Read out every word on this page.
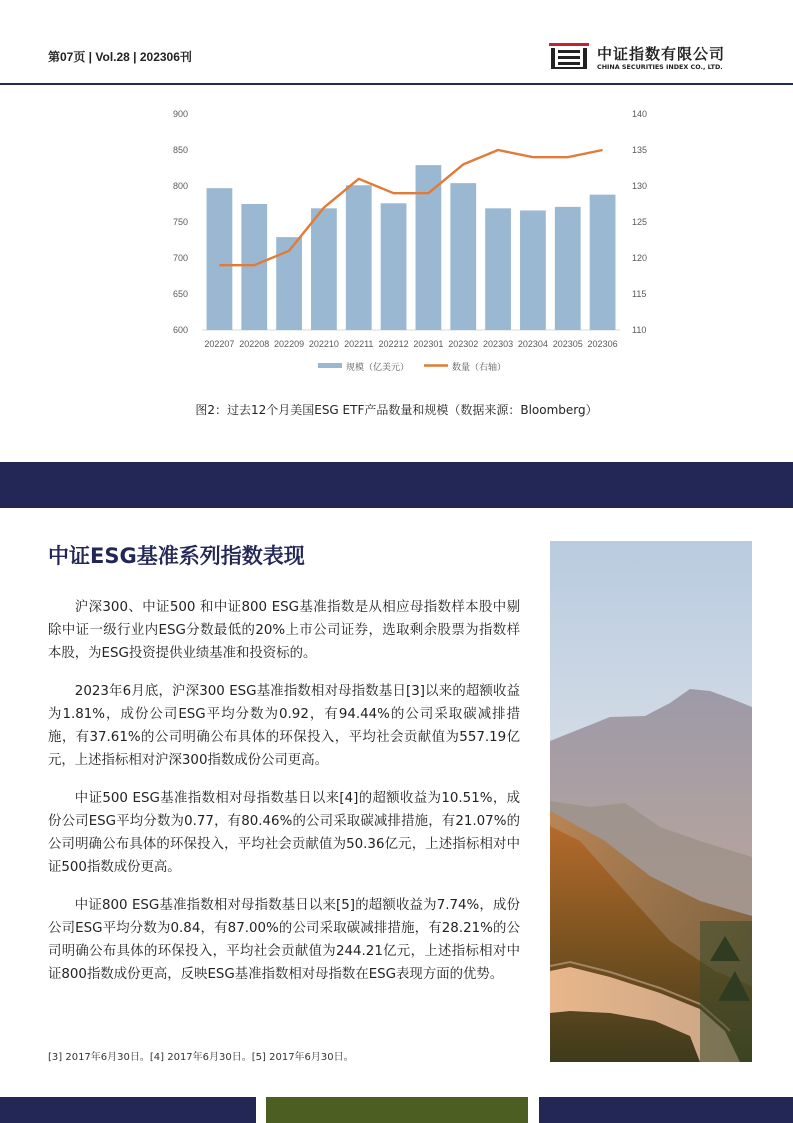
第07页 | Vol.28 | 202306刊	中证指数有限公司
CHINA SECURITIES INDEX CO., LTD.
600
650
700
750
800
850
900
110
115
120
125
130
135
140
202207 202208 202209 202210 202211 202212 202301 202302 202303 202304 202305 202306
规模（亿美元）	数量（右轴）
图2：过去12个月美国ESG ETF产品数量和规模（数据来源：Bloomberg）
中证ESG基准系列指数表现

沪深300、中证500 和中证800 ESG基准指数是从相应母指数样本股中剔除中证一级行业内ESG分数最低的20%上市公司证券，选取剩余股票为指数样本股，为ESG投资提供业绩基准和投资标的。

2023年6月底，沪深300 ESG基准指数相对母指数基日[3]以来的超额收益为1.81%，成份公司ESG平均分数为0.92，有94.44%的公司采取碳减排措施，有37.61%的公司明确公布具体的环保投入，平均社会贡献值为557.19亿元，上述指标相对沪深300指数成份公司更高。

中证500 ESG基准指数相对母指数基日以来[4]的超额收益为10.51%，成份公司ESG平均分数为0.77，有80.46%的公司采取碳减排措施，有21.07%的公司明确公布具体的环保投入，平均社会贡献值为50.36亿元，上述指标相对中证500指数成份更高。

中证800 ESG基准指数相对母指数基日以来[5]的超额收益为7.74%，成份公司ESG平均分数为0.84，有87.00%的公司采取碳减排措施，有28.21%的公司明确公布具体的环保投入，平均社会贡献值为244.21亿元，上述指标相对中证800指数成份更高，反映ESG基准指数相对母指数在ESG表现方面的优势。

[3] 2017年6月30日。[4] 2017年6月30日。[5] 2017年6月30日。
